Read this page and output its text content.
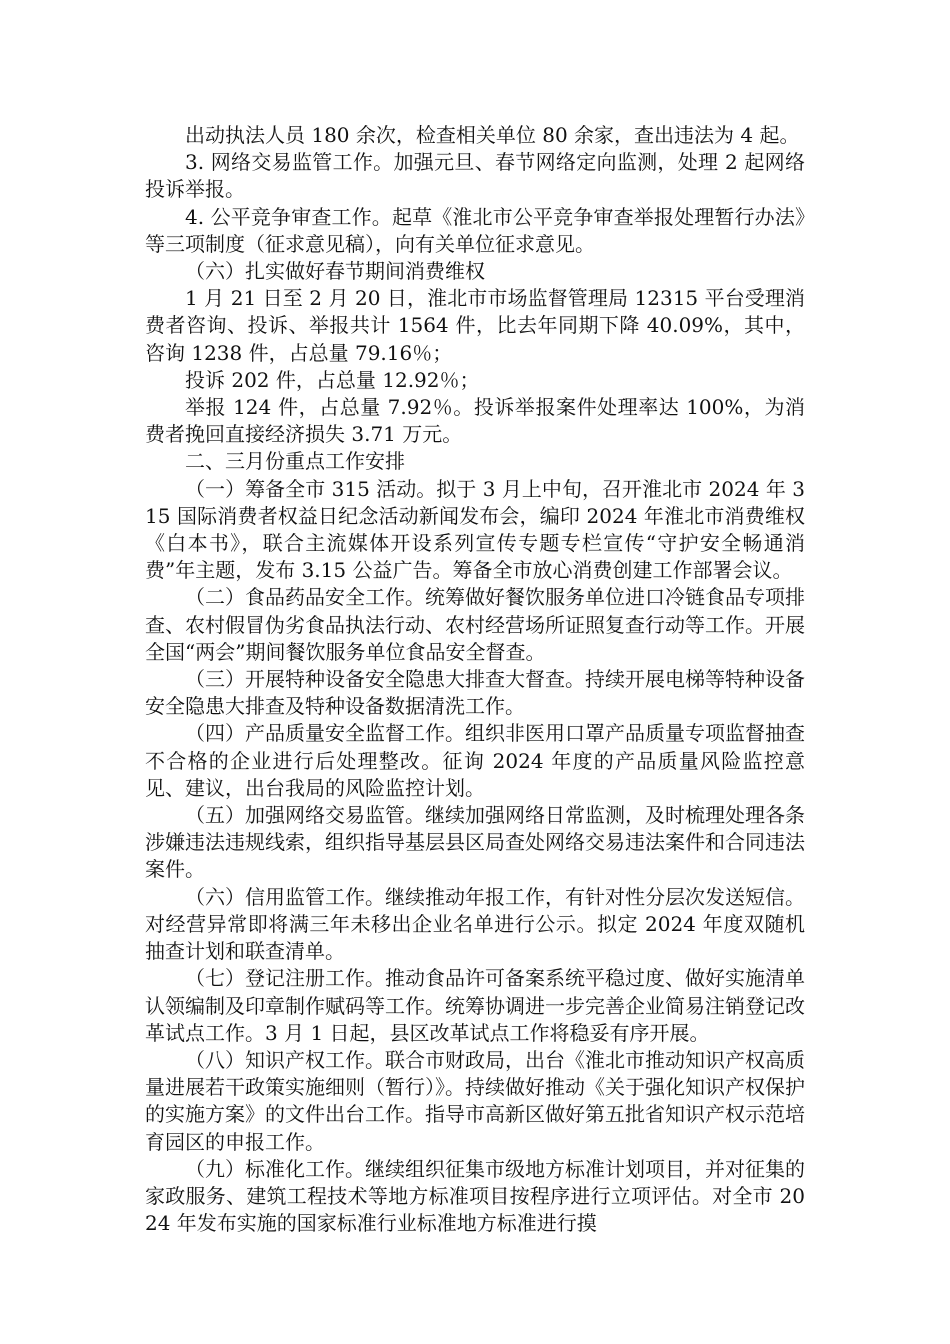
出动执法人员 180 余次，检查相关单位 80 余家，查出违法为 4 起。

3. 网络交易监管工作。加强元旦、春节网络定向监测，处理 2 起网络投诉举报。

4. 公平竞争审查工作。起草《淮北市公平竞争审查举报处理暂行办法》等三项制度（征求意见稿），向有关单位征求意见。

（六）扎实做好春节期间消费维权

1 月 21 日至 2 月 20 日，淮北市市场监督管理局 12315 平台受理消费者咨询、投诉、举报共计 1564 件，比去年同期下降 40.09%，其中，咨询 1238 件，占总量 79.16％；

投诉 202 件，占总量 12.92％；

举报 124 件，占总量 7.92％。投诉举报案件处理率达 100%，为消费者挽回直接经济损失 3.71 万元。

二、三月份重点工作安排

（一）筹备全市 315 活动。拟于 3 月上中旬，召开淮北市 2024 年 315 国际消费者权益日纪念活动新闻发布会，编印 2024 年淮北市消费维权《白本书》，联合主流媒体开设系列宣传专题专栏宣传“守护安全畅通消费”年主题，发布 3.15 公益广告。筹备全市放心消费创建工作部署会议。

（二）食品药品安全工作。统筹做好餐饮服务单位进口冷链食品专项排查、农村假冒伪劣食品执法行动、农村经营场所证照复查行动等工作。开展全国“两会”期间餐饮服务单位食品安全督查。

（三）开展特种设备安全隐患大排查大督查。持续开展电梯等特种设备安全隐患大排查及特种设备数据清洗工作。

（四）产品质量安全监督工作。组织非医用口罩产品质量专项监督抽查不合格的企业进行后处理整改。征询 2024 年度的产品质量风险监控意见、建议，出台我局的风险监控计划。

（五）加强网络交易监管。继续加强网络日常监测，及时梳理处理各条涉嫌违法违规线索，组织指导基层县区局查处网络交易违法案件和合同违法案件。

（六）信用监管工作。继续推动年报工作，有针对性分层次发送短信。对经营异常即将满三年未移出企业名单进行公示。拟定 2024 年度双随机抽查计划和联查清单。

（七）登记注册工作。推动食品许可备案系统平稳过度、做好实施清单认领编制及印章制作赋码等工作。统筹协调进一步完善企业简易注销登记改革试点工作。3 月 1 日起，县区改革试点工作将稳妥有序开展。

（八）知识产权工作。联合市财政局，出台《淮北市推动知识产权高质量进展若干政策实施细则（暂行）》。持续做好推动《关于强化知识产权保护的实施方案》的文件出台工作。指导市高新区做好第五批省知识产权示范培育园区的申报工作。

（九）标准化工作。继续组织征集市级地方标准计划项目，并对征集的家政服务、建筑工程技术等地方标准项目按程序进行立项评估。对全市 2024 年发布实施的国家标准行业标准地方标准进行摸
